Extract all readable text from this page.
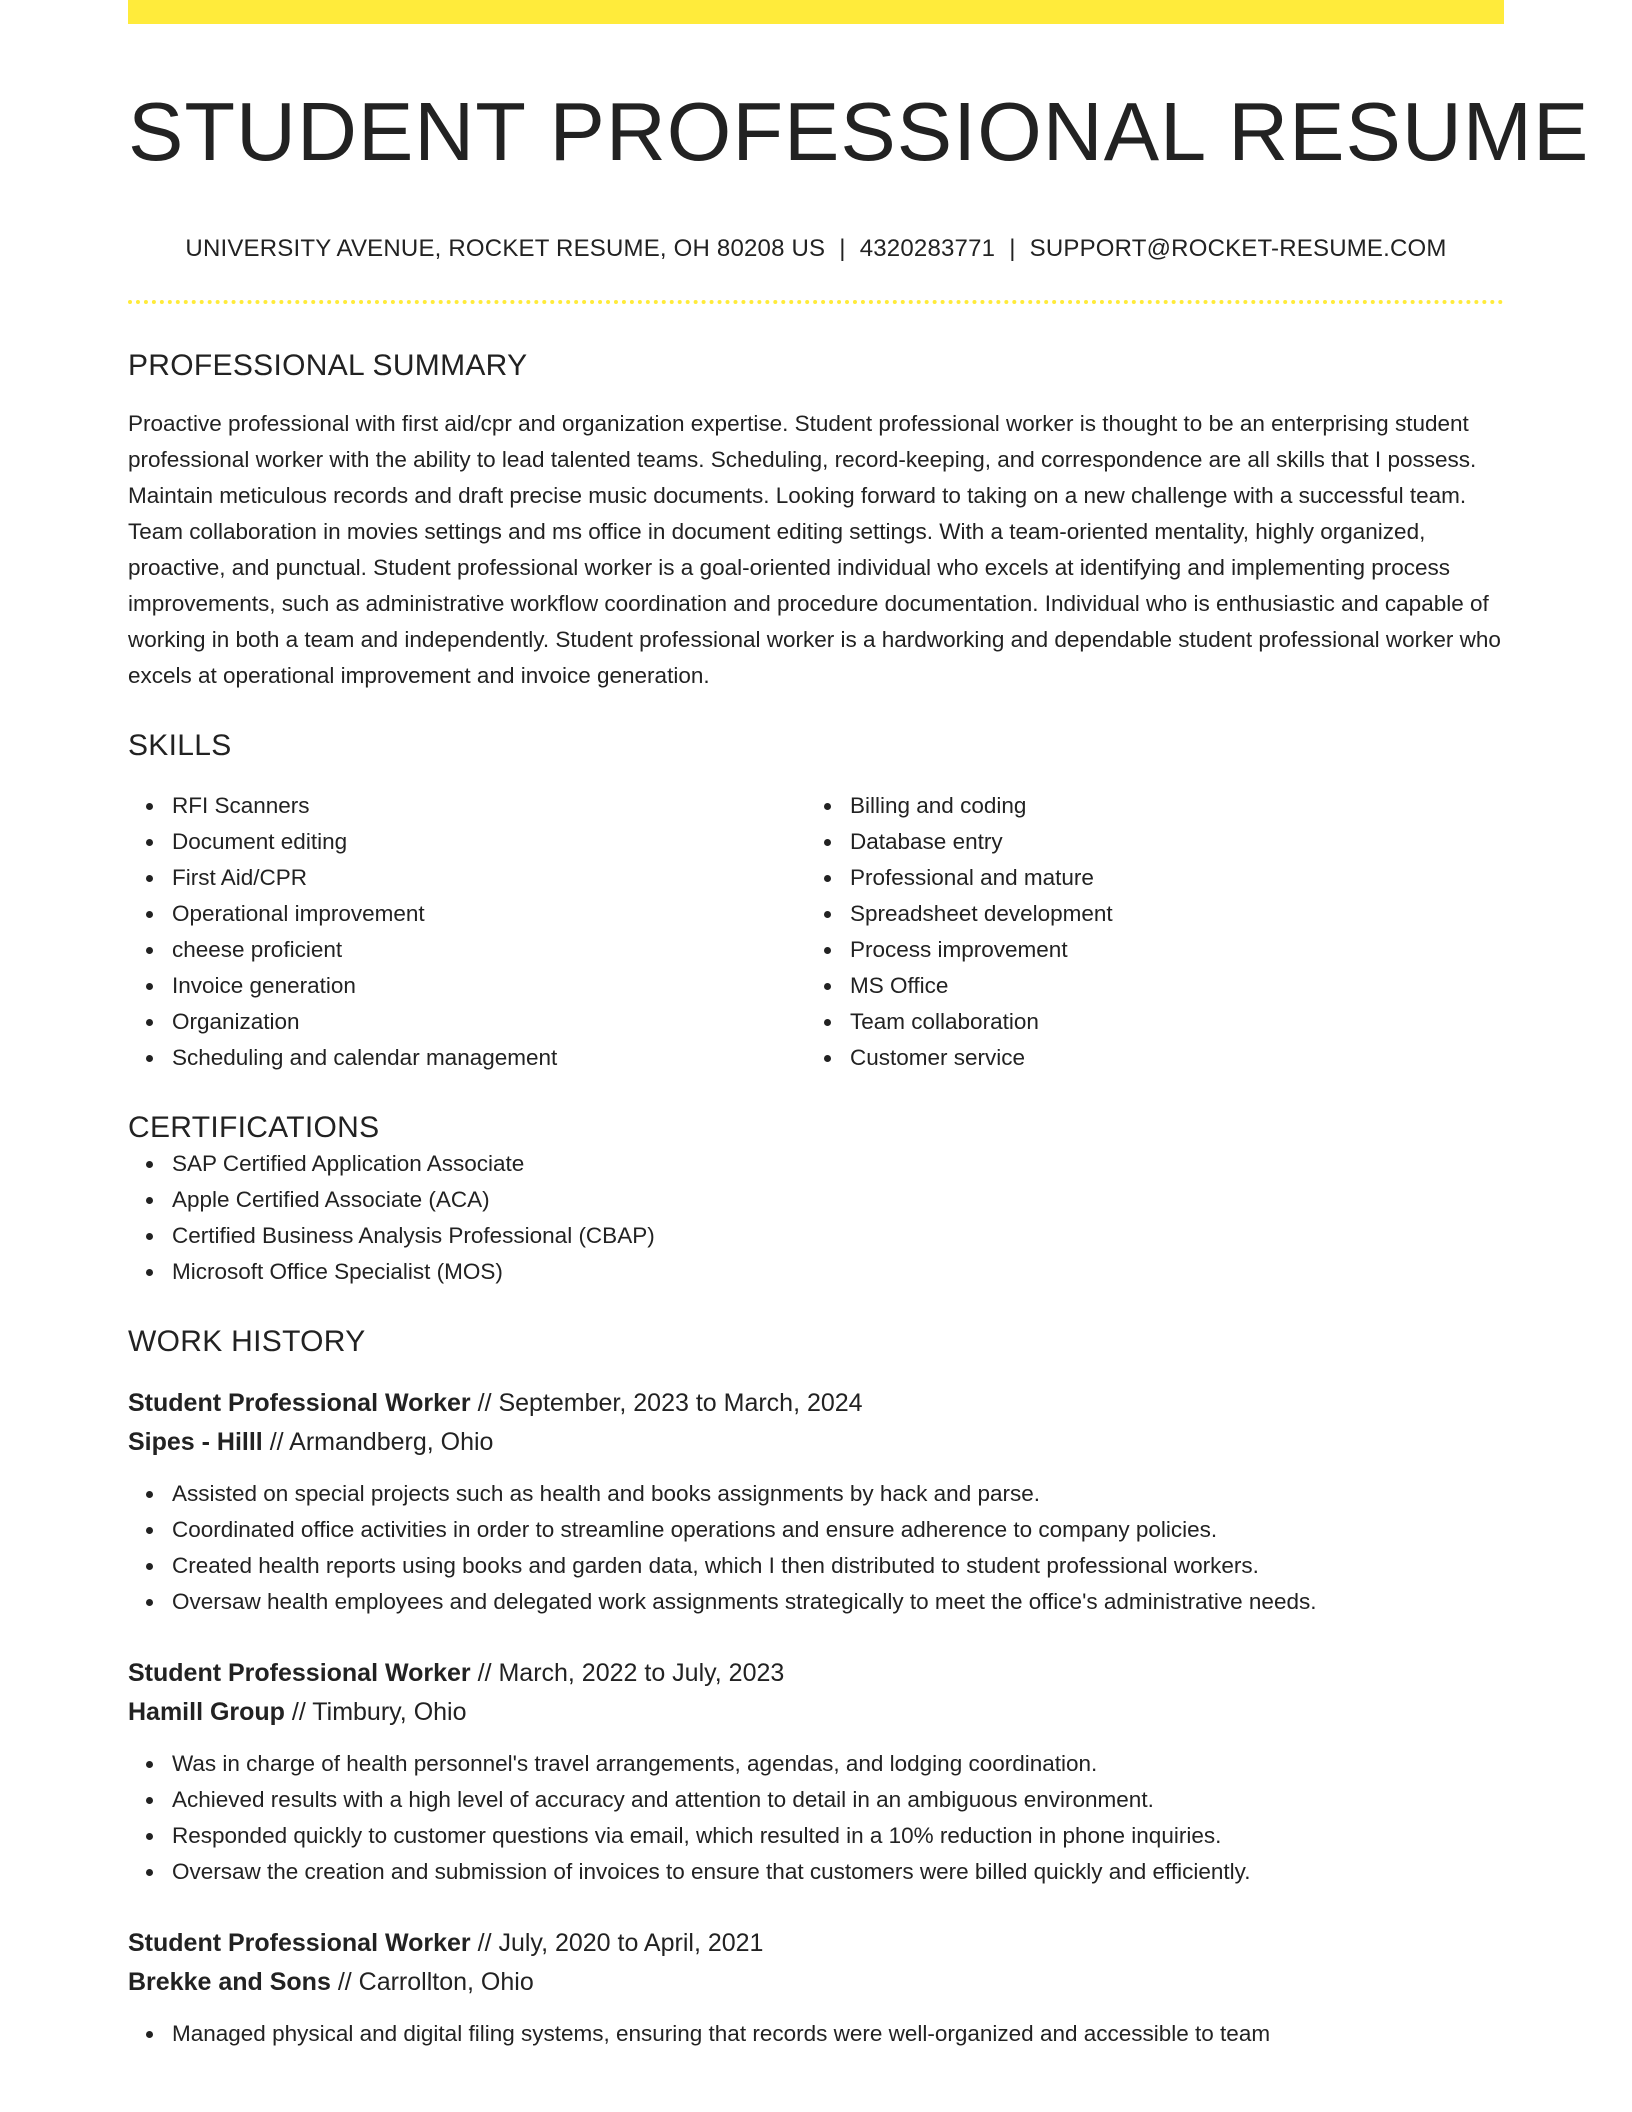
STUDENT PROFESSIONAL RESUME
UNIVERSITY AVENUE, ROCKET RESUME, OH 80208 US | 4320283771 | SUPPORT@ROCKET-RESUME.COM
PROFESSIONAL SUMMARY

Proactive professional with first aid/cpr and organization expertise. Student professional worker is thought to be an enterprising student professional worker with the ability to lead talented teams. Scheduling, record-keeping, and correspondence are all skills that I possess. Maintain meticulous records and draft precise music documents. Looking forward to taking on a new challenge with a successful team. Team collaboration in movies settings and ms office in document editing settings. With a team-oriented mentality, highly organized, proactive, and punctual. Student professional worker is a goal-oriented individual who excels at identifying and implementing process improvements, such as administrative workflow coordination and procedure documentation. Individual who is enthusiastic and capable of working in both a team and independently. Student professional worker is a hardworking and dependable student professional worker who excels at operational improvement and invoice generation.

SKILLS
RFI Scanners
Document editing
First Aid/CPR
Operational improvement
cheese proficient
Invoice generation
Organization
Scheduling and calendar management
Billing and coding
Database entry
Professional and mature
Spreadsheet development
Process improvement
MS Office
Team collaboration
Customer service
CERTIFICATIONS
SAP Certified Application Associate
Apple Certified Associate (ACA)
Certified Business Analysis Professional (CBAP)
Microsoft Office Specialist (MOS)
WORK HISTORY
Student Professional Worker // September, 2023 to March, 2024
Sipes - Hilll // Armandberg, Ohio
Assisted on special projects such as health and books assignments by hack and parse.
Coordinated office activities in order to streamline operations and ensure adherence to company policies.
Created health reports using books and garden data, which I then distributed to student professional workers.
Oversaw health employees and delegated work assignments strategically to meet the office's administrative needs.
Student Professional Worker // March, 2022 to July, 2023
Hamill Group // Timbury, Ohio
Was in charge of health personnel's travel arrangements, agendas, and lodging coordination.
Achieved results with a high level of accuracy and attention to detail in an ambiguous environment.
Responded quickly to customer questions via email, which resulted in a 10% reduction in phone inquiries.
Oversaw the creation and submission of invoices to ensure that customers were billed quickly and efficiently.
Student Professional Worker // July, 2020 to April, 2021
Brekke and Sons // Carrollton, Ohio
Managed physical and digital filing systems, ensuring that records were well-organized and accessible to team
